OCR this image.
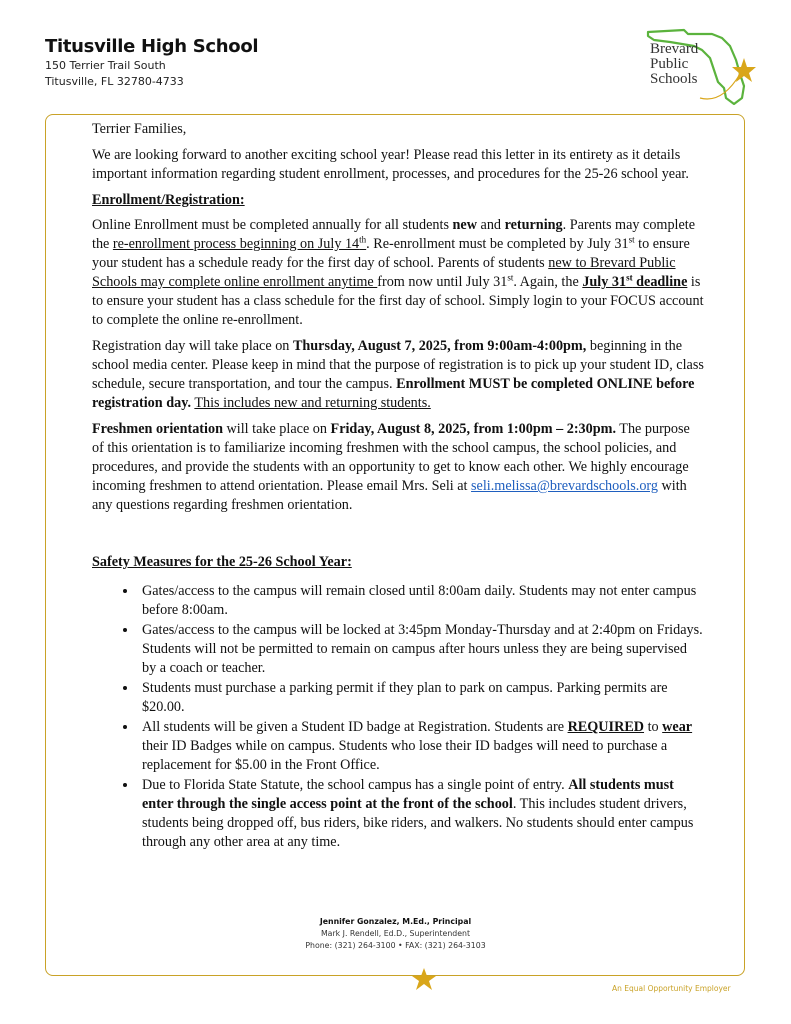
Titusville High School
150 Terrier Trail South
Titusville, FL 32780-4733
Brevard
Public
Schools

Terrier Families,

We are looking forward to another exciting school year! Please read this letter in its entirety as it details important information regarding student enrollment, processes, and procedures for the 25-26 school year.

Enrollment/Registration:

Online Enrollment must be completed annually for all students new and returning. Parents may complete the re-enrollment process beginning on July 14th. Re-enrollment must be completed by July 31st to ensure your student has a schedule ready for the first day of school. Parents of students new to Brevard Public Schools may complete online enrollment anytime from now until July 31st. Again, the July 31st deadline is to ensure your student has a class schedule for the first day of school. Simply login to your FOCUS account to complete the online re-enrollment.

Registration day will take place on Thursday, August 7, 2025, from 9:00am-4:00pm, beginning in the school media center. Please keep in mind that the purpose of registration is to pick up your student ID, class schedule, secure transportation, and tour the campus. Enrollment MUST be completed ONLINE before registration day. This includes new and returning students.

Freshmen orientation will take place on Friday, August 8, 2025, from 1:00pm – 2:30pm. The purpose of this orientation is to familiarize incoming freshmen with the school campus, the school policies, and procedures, and provide the students with an opportunity to get to know each other. We highly encourage incoming freshmen to attend orientation. Please email Mrs. Seli at seli.melissa@brevardschools.org with any questions regarding freshmen orientation.

Safety Measures for the 25-26 School Year:

• Gates/access to the campus will remain closed until 8:00am daily. Students may not enter campus before 8:00am.
• Gates/access to the campus will be locked at 3:45pm Monday-Thursday and at 2:40pm on Fridays. Students will not be permitted to remain on campus after hours unless they are being supervised by a coach or teacher.
• Students must purchase a parking permit if they plan to park on campus. Parking permits are $20.00.
• All students will be given a Student ID badge at Registration. Students are REQUIRED to wear their ID Badges while on campus. Students who lose their ID badges will need to purchase a replacement for $5.00 in the Front Office.
• Due to Florida State Statute, the school campus has a single point of entry. All students must enter through the single access point at the front of the school. This includes student drivers, students being dropped off, bus riders, bike riders, and walkers. No students should enter campus through any other area at any time.
Jennifer Gonzalez, M.Ed., Principal
Mark J. Rendell, Ed.D., Superintendent
Phone: (321) 264-3100 • FAX: (321) 264-3103
An Equal Opportunity Employer
